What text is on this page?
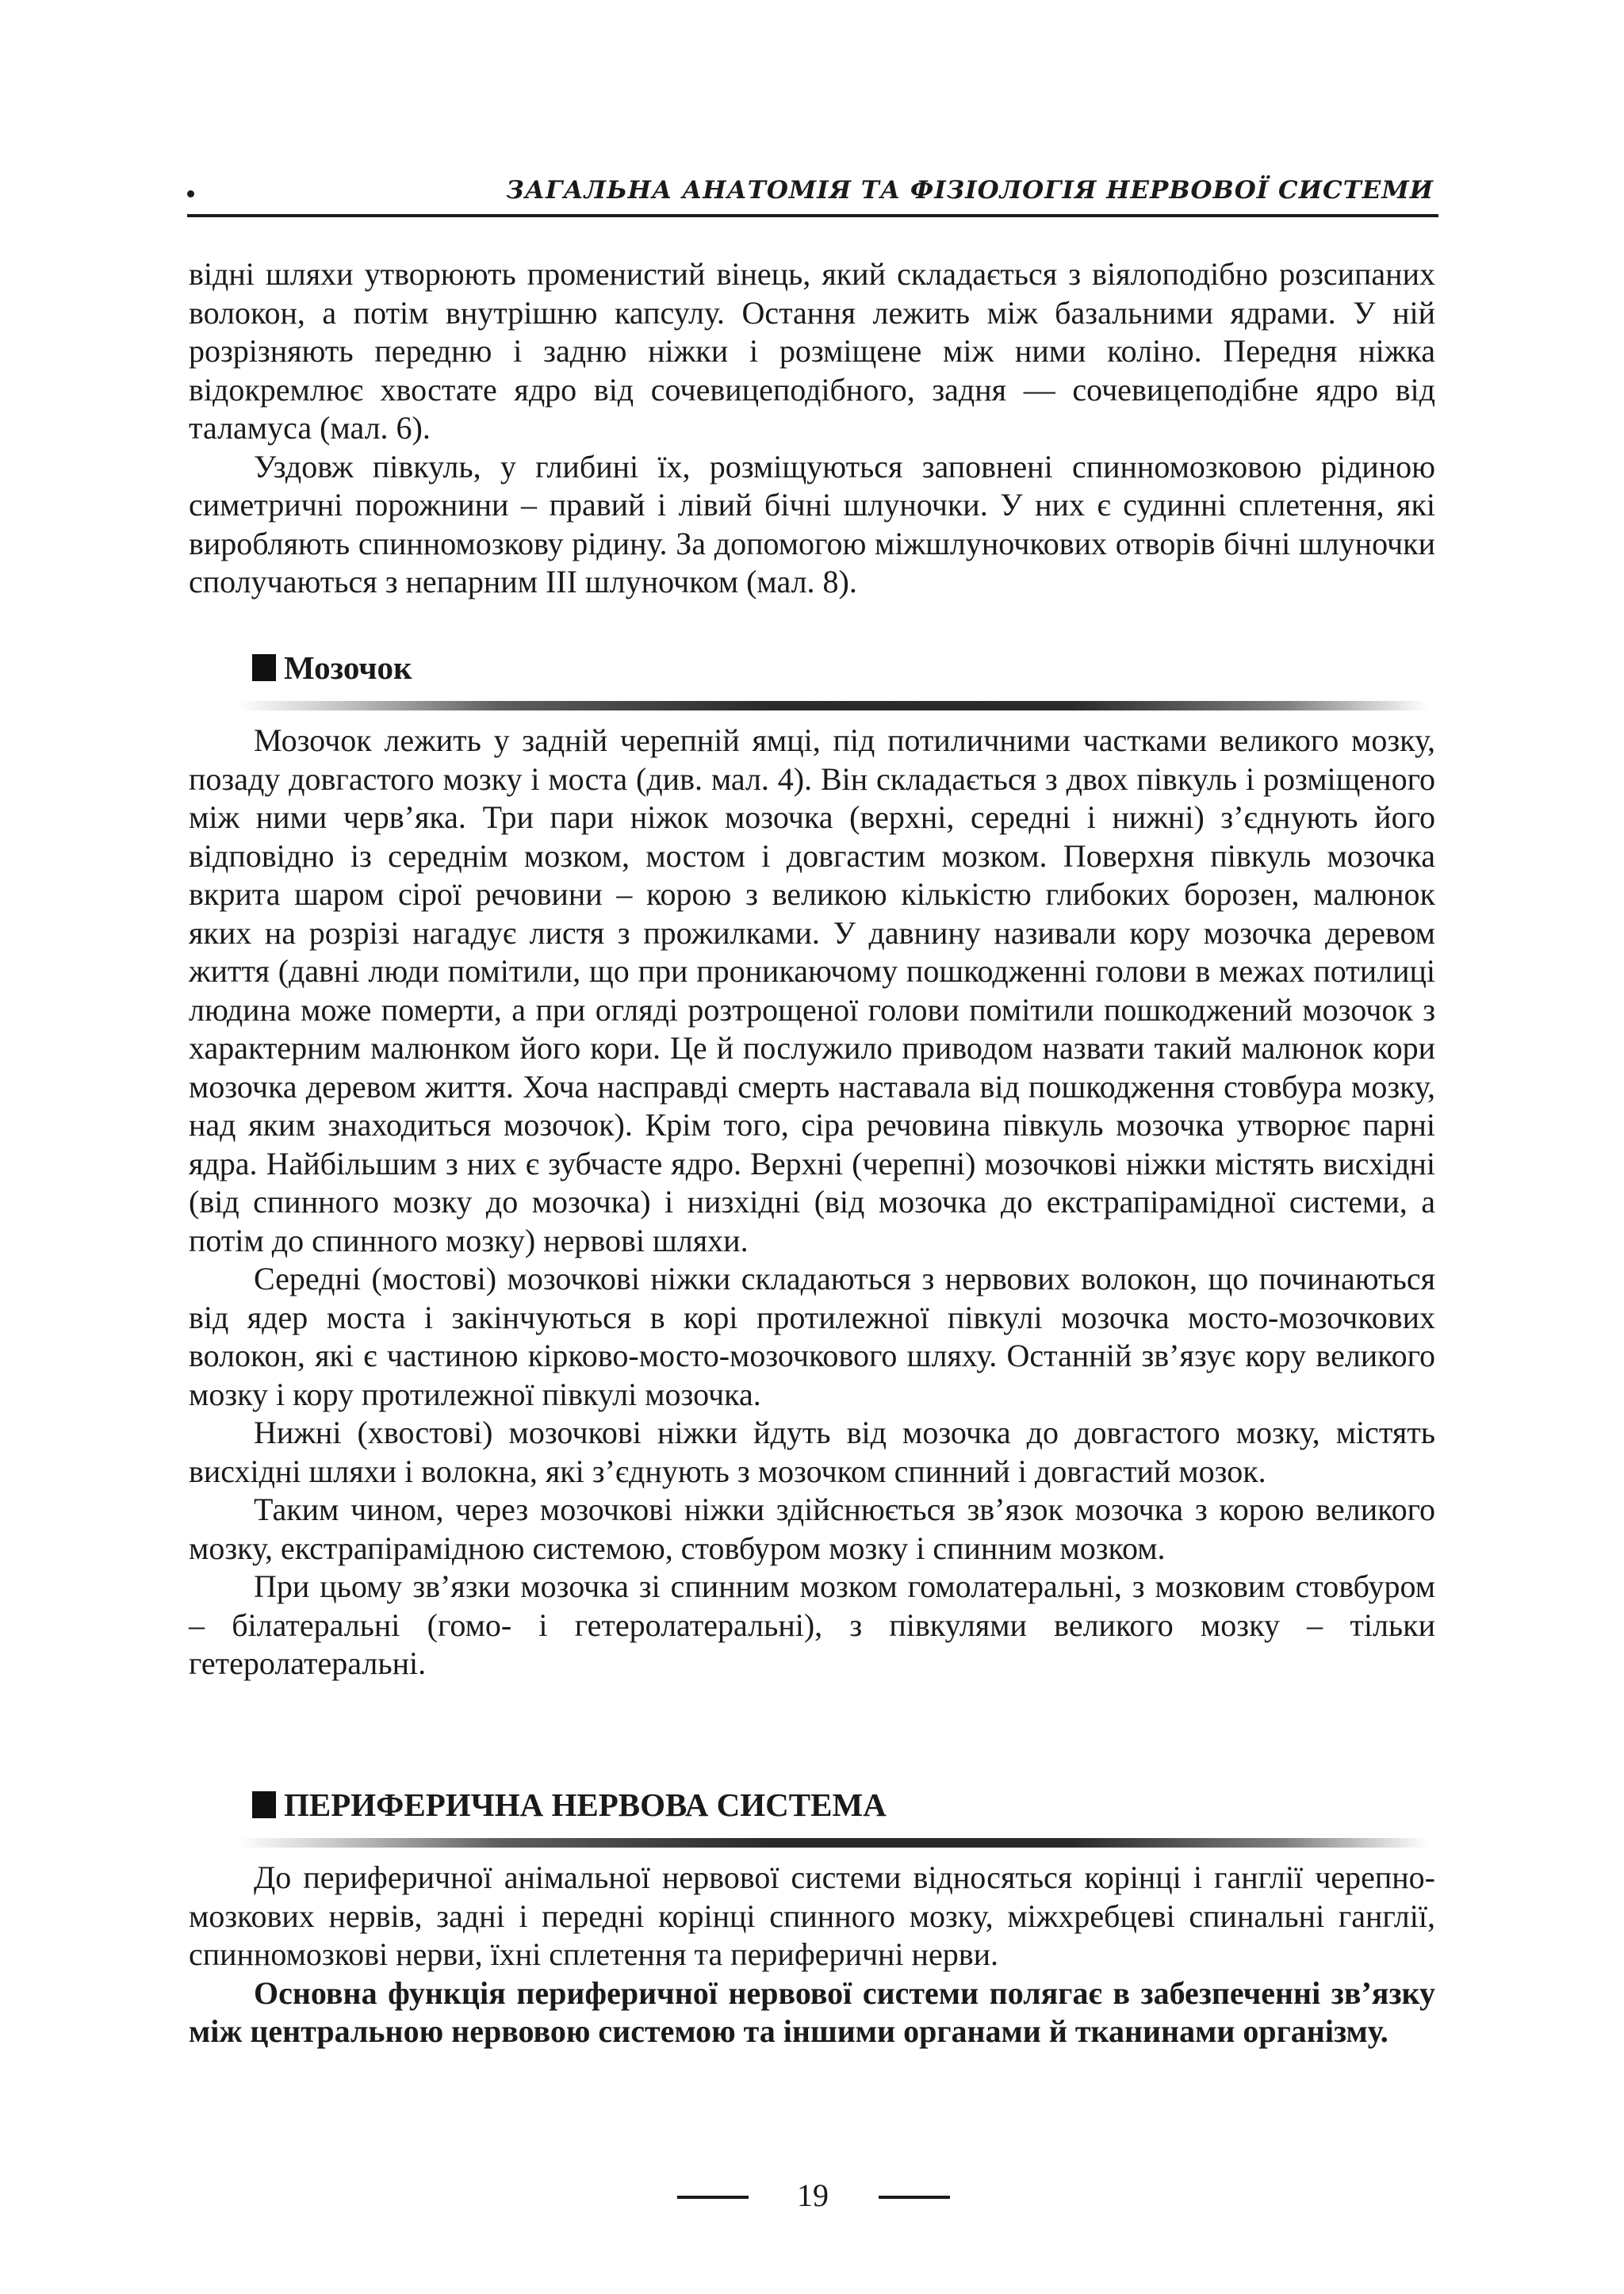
ЗАГАЛЬНА АНАТОМІЯ ТА ФІЗІОЛОГІЯ НЕРВОВОЇ СИСТЕМИ

відні шляхи утворюють променистий вінець, який складається з віялоподібно розсипаних волокон, а потім внутрішню капсулу. Остання лежить між базальними ядрами. У ній розрізняють передню і задню ніжки і розміщене між ними коліно. Передня ніжка відокремлює хвостате ядро від сочевицеподібного, задня — сочевицеподібне ядро від таламуса (мал. 6).

Уздовж півкуль, у глибині їх, розміщуються заповнені спинномозковою рідиною симетричні порожнини – правий і лівий бічні шлуночки. У них є судинні сплетення, які виробляють спинномозкову рідину. За допомогою міжшлуночкових отворів бічні шлуночки сполучаються з непарним III шлуночком (мал. 8).

Мозочок

Мозочок лежить у задній черепній ямці, під потиличними частками великого мозку, позаду довгастого мозку і моста (див. мал. 4). Він складається з двох півкуль і розміщеного між ними черв’яка. Три пари ніжок мозочка (верхні, середні і нижні) з’єднують його відповідно із середнім мозком, мостом і довгастим мозком. Поверхня півкуль мозочка вкрита шаром сірої речовини – корою з великою кількістю глибоких борозен, малюнок яких на розрізі нагадує листя з прожилками. У давнину називали кору мозочка деревом життя (давні люди помітили, що при проникаючому пошкодженні голови в межах потилиці людина може померти, а при огляді розтрощеної голови помітили пошкоджений мозочок з характерним малюнком його кори. Це й послужило приводом назвати такий малюнок кори мозочка деревом життя. Хоча насправді смерть наставала від пошкодження стовбура мозку, над яким знаходиться мозочок). Крім того, сіра речовина півкуль мозочка утворює парні ядра. Найбільшим з них є зубчасте ядро. Верхні (черепні) мозочкові ніжки містять висхідні (від спинного мозку до мозочка) і низхідні (від мозочка до екстрапірамідної системи, а потім до спинного мозку) нервові шляхи.

Середні (мостові) мозочкові ніжки складаються з нервових волокон, що починаються від ядер моста і закінчуються в корі протилежної півкулі мозочка мосто-мозочкових волокон, які є частиною кірково-мосто-мозочкового шляху. Останній зв’язує кору великого мозку і кору протилежної півкулі мозочка.

Нижні (хвостові) мозочкові ніжки йдуть від мозочка до довгастого мозку, містять висхідні шляхи і волокна, які з’єднують з мозочком спинний і довгастий мозок.

Таким чином, через мозочкові ніжки здійснюється зв’язок мозочка з корою великого мозку, екстрапірамідною системою, стовбуром мозку і спинним мозком.

При цьому зв’язки мозочка зі спинним мозком гомолатеральні, з мозковим стовбуром – білатеральні (гомо- і гетеролатеральні), з півкулями великого мозку – тільки гетеролатеральні.

ПЕРИФЕРИЧНА НЕРВОВА СИСТЕМА

До периферичної анімальної нервової системи відносяться корінці і ганглії черепно-мозкових нервів, задні і передні корінці спинного мозку, міжхребцеві спинальні ганглії, спинномозкові нерви, їхні сплетення та периферичні нерви.

Основна функція периферичної нервової системи полягає в забезпеченні зв’язку між центральною нервовою системою та іншими органами й тканинами організму.

19
